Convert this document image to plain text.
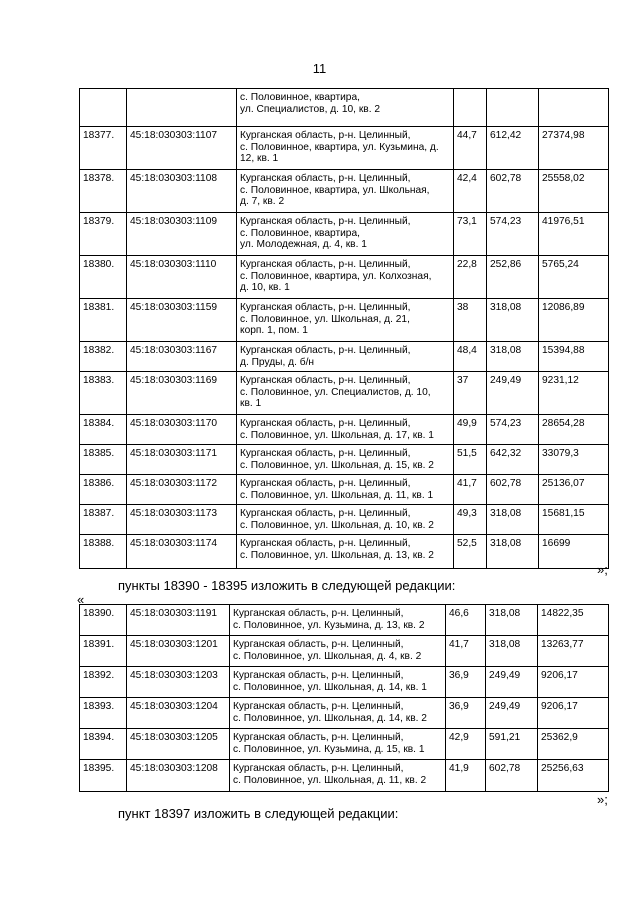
11
		с. Половинное, квартира,
ул. Специалистов, д. 10, кв. 2			
18377.	45:18:030303:1107	Курганская область, р-н. Целинный,
с. Половинное, квартира, ул. Кузьмина, д.
12, кв. 1	44,7	612,42	27374,98
18378.	45:18:030303:1108	Курганская область, р-н. Целинный,
с. Половинное, квартира, ул. Школьная,
д. 7, кв. 2	42,4	602,78	25558,02
18379.	45:18:030303:1109	Курганская область, р-н. Целинный,
с. Половинное, квартира,
ул. Молодежная, д. 4, кв. 1	73,1	574,23	41976,51
18380.	45:18:030303:1110	Курганская область, р-н. Целинный,
с. Половинное, квартира, ул. Колхозная,
д. 10, кв. 1	22,8	252,86	5765,24
18381.	45:18:030303:1159	Курганская область, р-н. Целинный,
с. Половинное, ул. Школьная, д. 21,
корп. 1, пом. 1	38	318,08	12086,89
18382.	45:18:030303:1167	Курганская область, р-н. Целинный,
д. Пруды, д. б/н	48,4	318,08	15394,88
18383.	45:18:030303:1169	Курганская область, р-н. Целинный,
с. Половинное, ул. Специалистов, д. 10,
кв. 1	37	249,49	9231,12
18384.	45:18:030303:1170	Курганская область, р-н. Целинный,
с. Половинное, ул. Школьная, д. 17, кв. 1	49,9	574,23	28654,28
18385.	45:18:030303:1171	Курганская область, р-н. Целинный,
с. Половинное, ул. Школьная, д. 15, кв. 2	51,5	642,32	33079,3
18386.	45:18:030303:1172	Курганская область, р-н. Целинный,
с. Половинное, ул. Школьная, д. 11, кв. 1	41,7	602,78	25136,07
18387.	45:18:030303:1173	Курганская область, р-н. Целинный,
с. Половинное, ул. Школьная, д. 10, кв. 2	49,3	318,08	15681,15
18388.	45:18:030303:1174	Курганская область, р-н. Целинный,
с. Половинное, ул. Школьная, д. 13, кв. 2	52,5	318,08	16699
»;
пункты 18390 - 18395 изложить в следующей редакции:
«
18390.	45:18:030303:1191	Курганская область, р-н. Целинный,
с. Половинное, ул. Кузьмина, д. 13, кв. 2	46,6	318,08	14822,35
18391.	45:18:030303:1201	Курганская область, р-н. Целинный,
с. Половинное, ул. Школьная, д. 4, кв. 2	41,7	318,08	13263,77
18392.	45:18:030303:1203	Курганская область, р-н. Целинный,
с. Половинное, ул. Школьная, д. 14, кв. 1	36,9	249,49	9206,17
18393.	45:18:030303:1204	Курганская область, р-н. Целинный,
с. Половинное, ул. Школьная, д. 14, кв. 2	36,9	249,49	9206,17
18394.	45:18:030303:1205	Курганская область, р-н. Целинный,
с. Половинное, ул. Кузьмина, д. 15, кв. 1	42,9	591,21	25362,9
18395.	45:18:030303:1208	Курганская область, р-н. Целинный,
с. Половинное, ул. Школьная, д. 11, кв. 2	41,9	602,78	25256,63
»;
пункт 18397 изложить в следующей редакции:
